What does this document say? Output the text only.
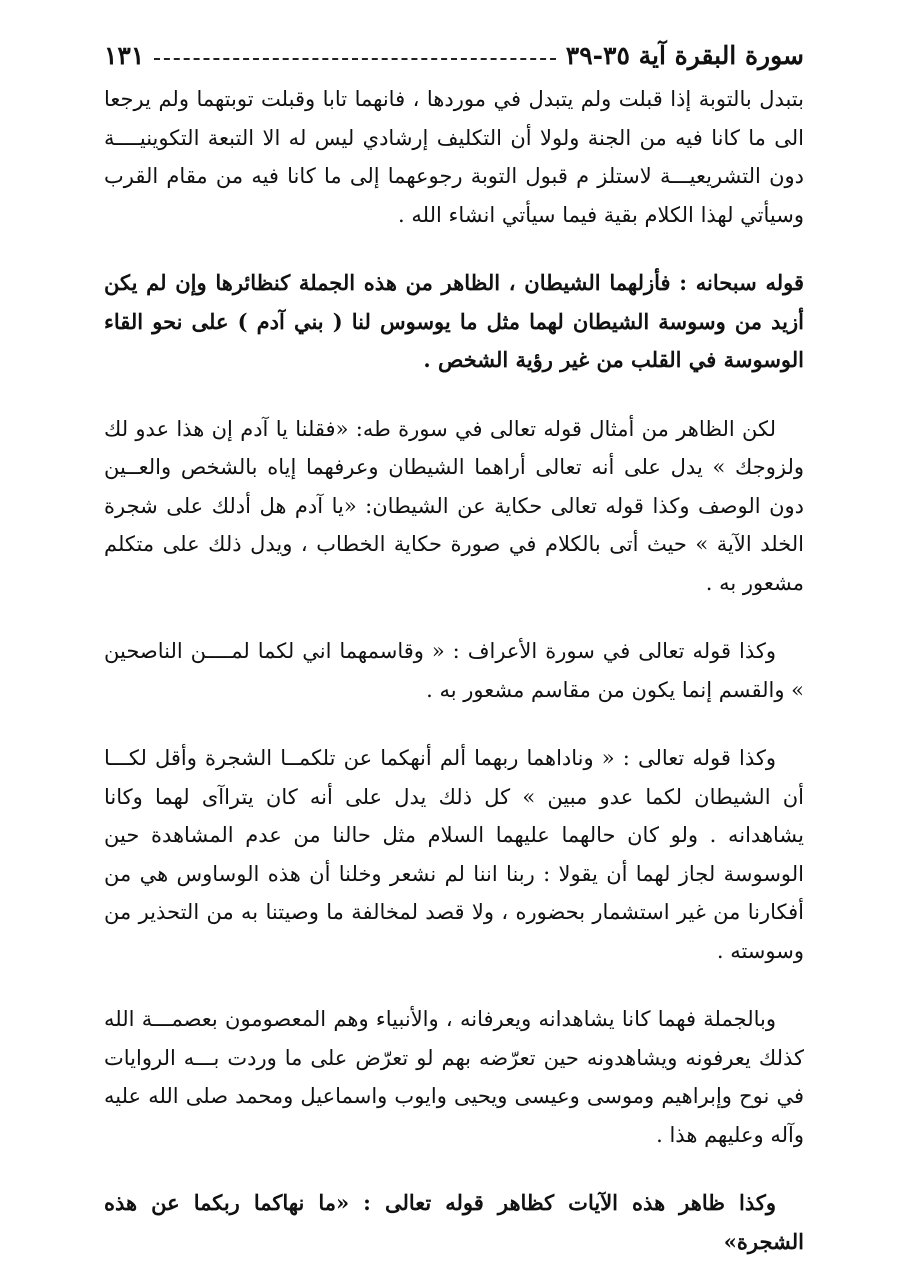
سورة البقرة آية ٣٥-٣٩
١٣١

بتبدل بالتوبة إذا قبلت ولم يتبدل في موردها ، فانهما تابا وقبلت توبتهما ولم يرجعا الى ما كانا فيه من الجنة ولولا أن التكليف إرشادي ليس له الا التبعة التكوينيــــة دون التشريعيـــة لاستلز م قبول التوبة رجوعهما إلى ما كانا فيه من مقام القرب وسيأتي لهذا الكلام بقية فيما سيأتي انشاء الله .

قوله سبحانه : فأزلهما الشيطان ، الظاهر من هذه الجملة كنظائرها وإن لم يكن أزيد من وسوسة الشيطان لهما مثل ما يوسوس لنا ( بني آدم ) على نحو القاء الوسوسة في القلب من غير رؤية الشخص .

لكن الظاهر من أمثال قوله تعالى في سورة طه: «فقلنا يا آدم إن هذا عدو لك ولزوجك » يدل على أنه تعالى أراهما الشيطان وعرفهما إياه بالشخص والعــين دون الوصف وكذا قوله تعالى حكاية عن الشيطان: «يا آدم هل أدلك على شجرة الخلد الآية » حيث أتى بالكلام في صورة حكاية الخطاب ، ويدل ذلك على متكلم مشعور به .

وكذا قوله تعالى في سورة الأعراف : « وقاسمهما اني لكما لمــــن الناصحين » والقسم إنما يكون من مقاسم مشعور به .

وكذا قوله تعالى : « وناداهما ربهما ألم أنهكما عن تلكمــا الشجرة وأقل لكـــا أن الشيطان لكما عدو مبين » كل ذلك يدل على أنه كان يتراآى لهما وكانا يشاهدانه . ولو كان حالهما عليهما السلام مثل حالنا من عدم المشاهدة حين الوسوسة لجاز لهما أن يقولا : ربنا اننا لم نشعر وخلنا أن هذه الوساوس هي من أفكارنا من غير استشمار بحضوره ، ولا قصد لمخالفة ما وصيتنا به من التحذير من وسوسته .

وبالجملة فهما كانا يشاهدانه ويعرفانه ، والأنبياء وهم المعصومون بعصمـــة الله كذلك يعرفونه ويشاهدونه حين تعرّضه بهم لو تعرّض على ما وردت بـــه الروايات في نوح وإبراهيم وموسى وعيسى ويحيى وايوب واسماعيل ومحمد صلى الله عليه وآله وعليهم هذا .

وكذا ظاهر هذه الآيات كظاهر قوله تعالى : «ما نهاكما ربكما عن هذه الشجرة»
